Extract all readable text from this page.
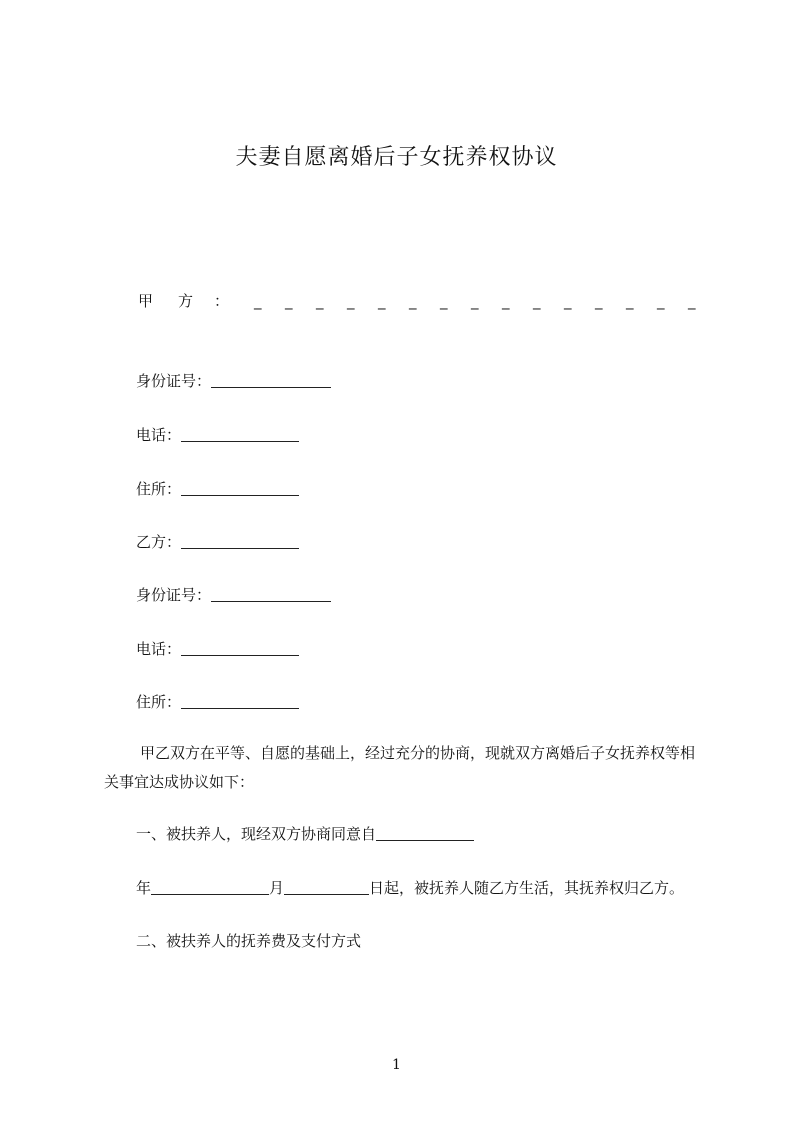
夫妻自愿离婚后子女抚养权协议
甲 方 ：	_ _ _ _ _ _ _ _ _ _ _ _ _ _ _
身份证号：
电话：
住所：
乙方：
身份证号：
电话：
住所：
甲乙双方在平等、自愿的基础上，经过充分的协商，现就双方离婚后子女抚养权等相关事宜达成协议如下：
一、被扶养人，现经双方协商同意自
年	月	日起，被抚养人随乙方生活，其抚养权归乙方。
二、被扶养人的抚养费及支付方式
1
